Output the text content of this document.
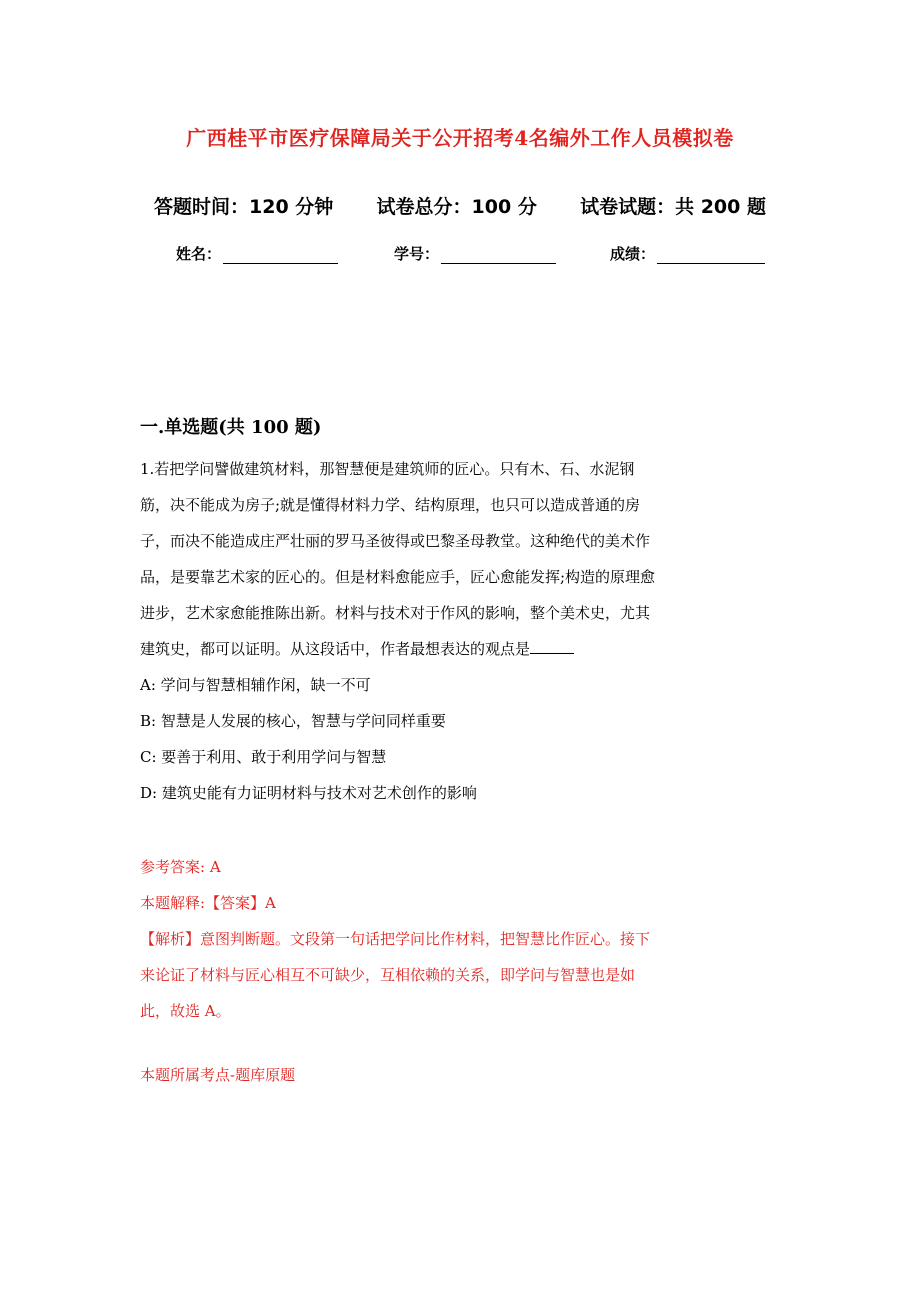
广西桂平市医疗保障局关于公开招考4名编外工作人员模拟卷
答题时间：120 分钟 试卷总分：100 分 试卷试题：共 200 题
姓名：	学号：	成绩：
一.单选题(共 100 题)

1.若把学问譬做建筑材料，那智慧便是建筑师的匠心。只有木、石、水泥钢

筋，决不能成为房子;就是懂得材料力学、结构原理，也只可以造成普通的房

子，而决不能造成庄严壮丽的罗马圣彼得或巴黎圣母教堂。这种绝代的美术作

品，是要靠艺术家的匠心的。但是材料愈能应手，匠心愈能发挥;构造的原理愈

进步，艺术家愈能推陈出新。材料与技术对于作风的影响，整个美术史，尤其

建筑史，都可以证明。从这段话中，作者最想表达的观点是

A: 学问与智慧相辅作闲，缺一不可
B: 智慧是人发展的核心，智慧与学问同样重要
C: 要善于利用、敢于利用学问与智慧
D: 建筑史能有力证明材料与技术对艺术创作的影响
参考答案: A
本题解释:【答案】A
【解析】意图判断题。文段第一句话把学问比作材料，把智慧比作匠心。接下
来论证了材料与匠心相互不可缺少，互相依赖的关系，即学问与智慧也是如
此，故选 A。
本题所属考点-题库原题
